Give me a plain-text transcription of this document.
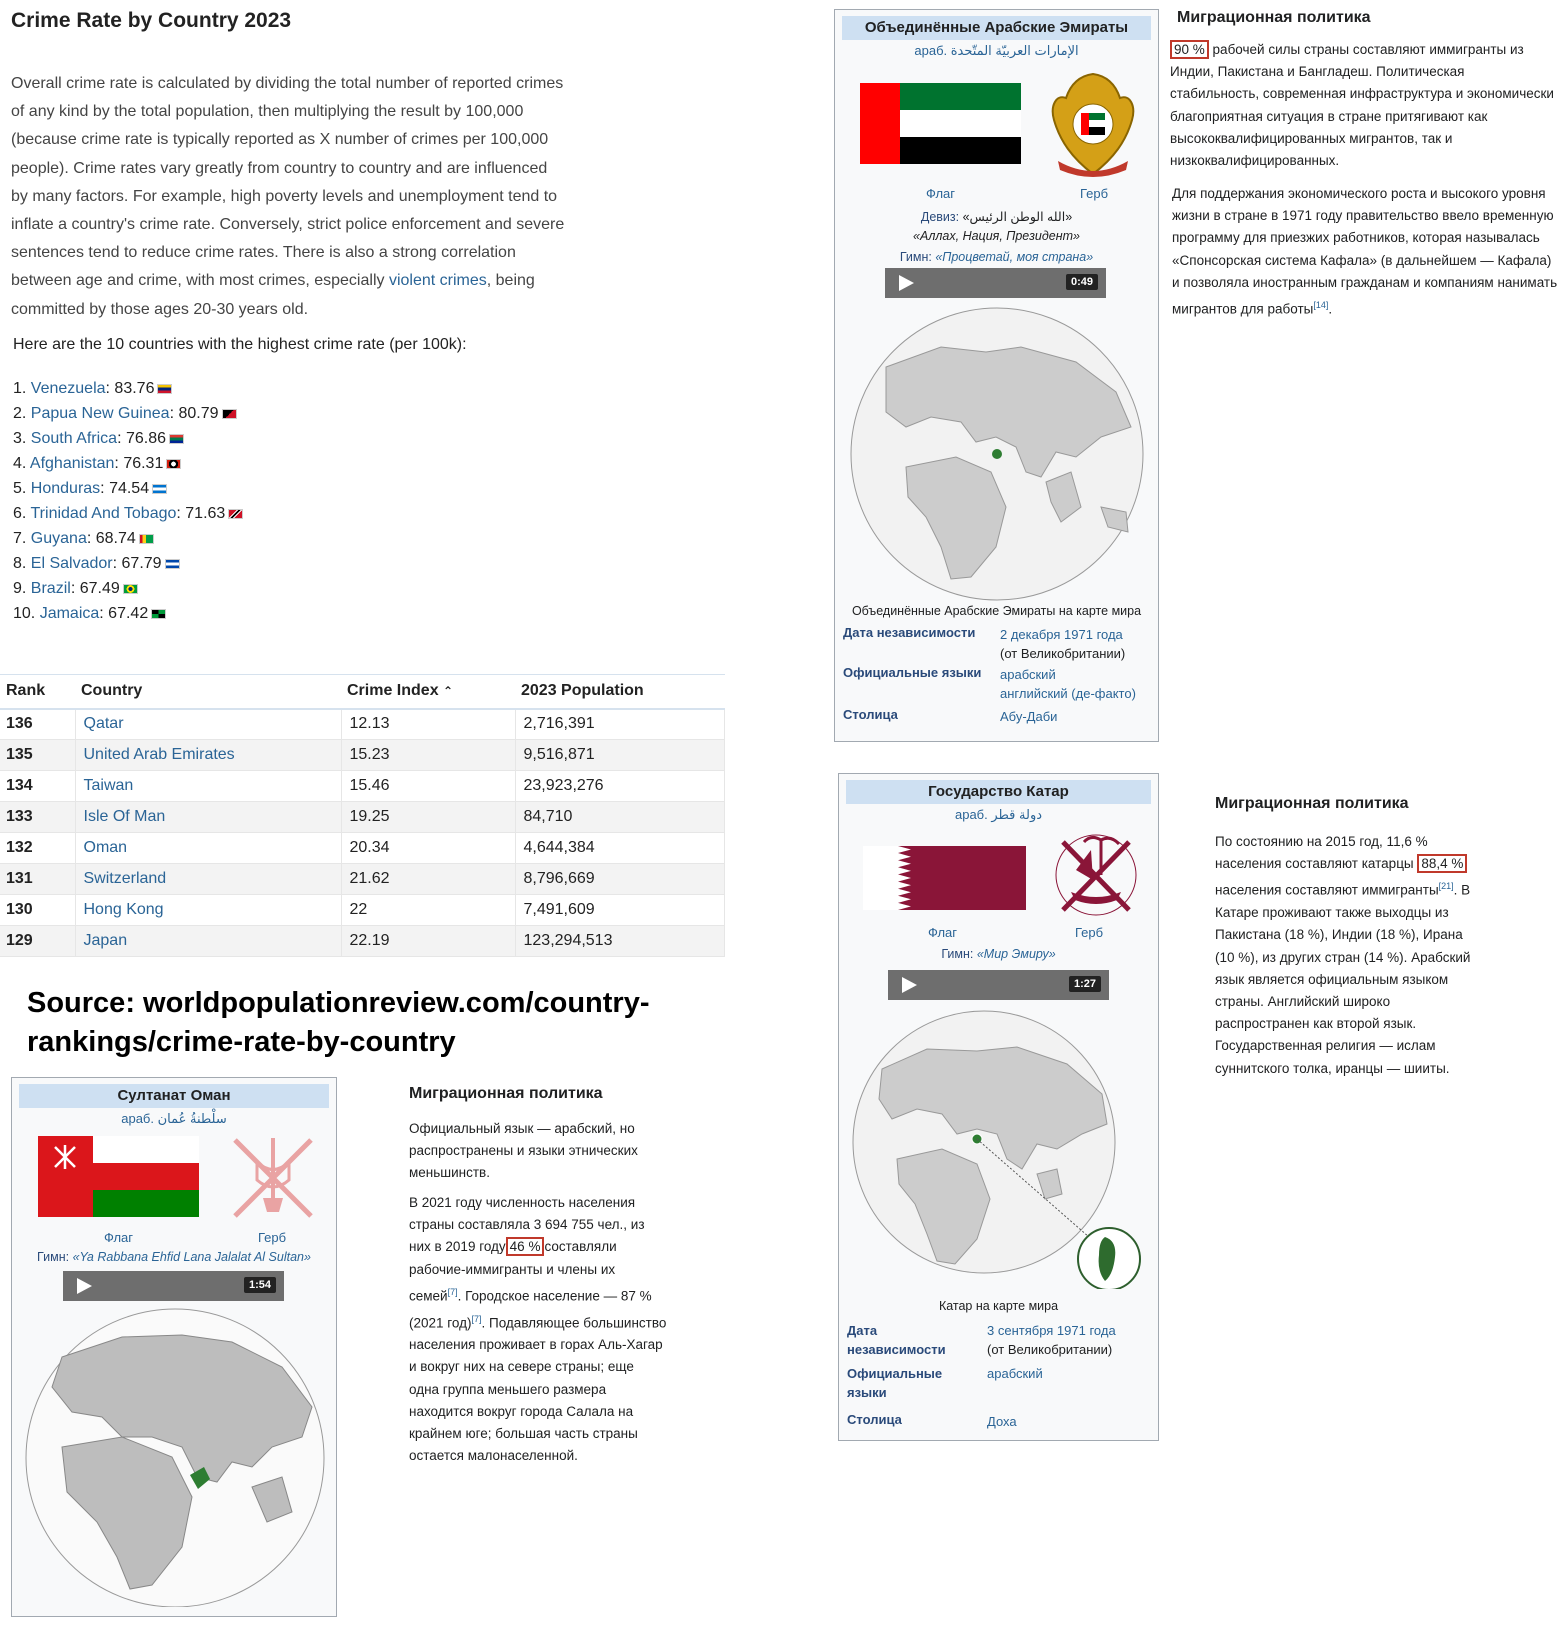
Crime Rate by Country 2023

Overall crime rate is calculated by dividing the total number of reported crimes of any kind by the total population, then multiplying the result by 100,000 (because crime rate is typically reported as X number of crimes per 100,000 people). Crime rates vary greatly from country to country and are influenced by many factors. For example, high poverty levels and unemployment tend to inflate a country's crime rate. Conversely, strict police enforcement and severe sentences tend to reduce crime rates. There is also a strong correlation between age and crime, with most crimes, especially violent crimes, being committed by those ages 20-30 years old.

Here are the 10 countries with the highest crime rate (per 100k):

1. Venezuela: 83.76
2. Papua New Guinea: 80.79
3. South Africa: 76.86
4. Afghanistan: 76.31
5. Honduras: 74.54
6. Trinidad And Tobago: 71.63
7. Guyana: 68.74
8. El Salvador: 67.79
9. Brazil: 67.49
10. Jamaica: 67.42
Rank	Country	Crime Index ⌃	2023 Population
136	Qatar	12.13	2,716,391
135	United Arab Emirates	15.23	9,516,871
134	Taiwan	15.46	23,923,276
133	Isle Of Man	19.25	84,710
132	Oman	20.34	4,644,384
131	Switzerland	21.62	8,796,669
130	Hong Kong	22	7,491,609
129	Japan	22.19	123,294,513

Source: worldpopulationreview.com/country-rankings/crime-rate-by-country

Объединённые Арабские Эмираты
араб. الإمارات العربيّة المتّحدة
Флаг	Герб
Девиз: «الله الوطن الرئيس»
«Аллах, Нация, Президент»
Гимн: «Процветай, моя страна»
0:49
Объединённые Арабские Эмираты на карте мира
Дата независимости 2 декабря 1971 года
(от Великобритании)
Официальные языки арабский
английский (де-факто)
Столица	Абу-Даби
Миграционная политика

90 % рабочей силы страны составляют иммигранты из Индии, Пакистана и Бангладеш. Политическая стабильность, современная инфраструктура и экономически благоприятная ситуация в стране притягивают как высококвалифицированных мигрантов, так и низкоквалифицированных.

Для поддержания экономического роста и высокого уровня жизни в стране в 1971 году правительство ввело временную программу для приезжих работников, которая называлась «Спонсорская система Кафала» (в дальнейшем — Кафала) и позволяла иностранным гражданам и компаниям нанимать мигрантов для работы[14].

Государство Катар
араб. دولة قطر
Флаг	Герб
Гимн: «Мир Эмиру»
1:27
Катар на карте мира
Дата независимости
3 сентября 1971 года
(от Великобритании)
Официальные языки
арабский
Столица	Доха
Миграционная политика

По состоянию на 2015 год, 11,6 % населения составляют катарцы 88,4 % населения составляют иммигранты[21]. В Катаре проживают также выходцы из Пакистана (18 %), Индии (18 %), Ирана (10 %), из других стран (14 %). Арабский язык является официальным языком страны. Английский широко распространен как второй язык. Государственная религия — ислам суннитского толка, иранцы — шииты.

Султанат Оман
араб. سلْطنةُ عُمان
Флаг	Герб
Гимн: «Ya Rabbana Ehfid Lana Jalalat Al Sultan»
1:54
Миграционная политика

Официальный язык — арабский, но распространены и языки этнических меньшинств.

В 2021 году численность населения страны составляла 3 694 755 чел., из них в 2019 году 46 % составляли рабочие-иммигранты и члены их семей[7]. Городское население — 87 % (2021 год)[7]. Подавляющее большинство населения проживает в горах Аль-Хагар и вокруг них на севере страны; еще одна группа меньшего размера находится вокруг города Салала на крайнем юге; большая часть страны остается малонаселенной.
